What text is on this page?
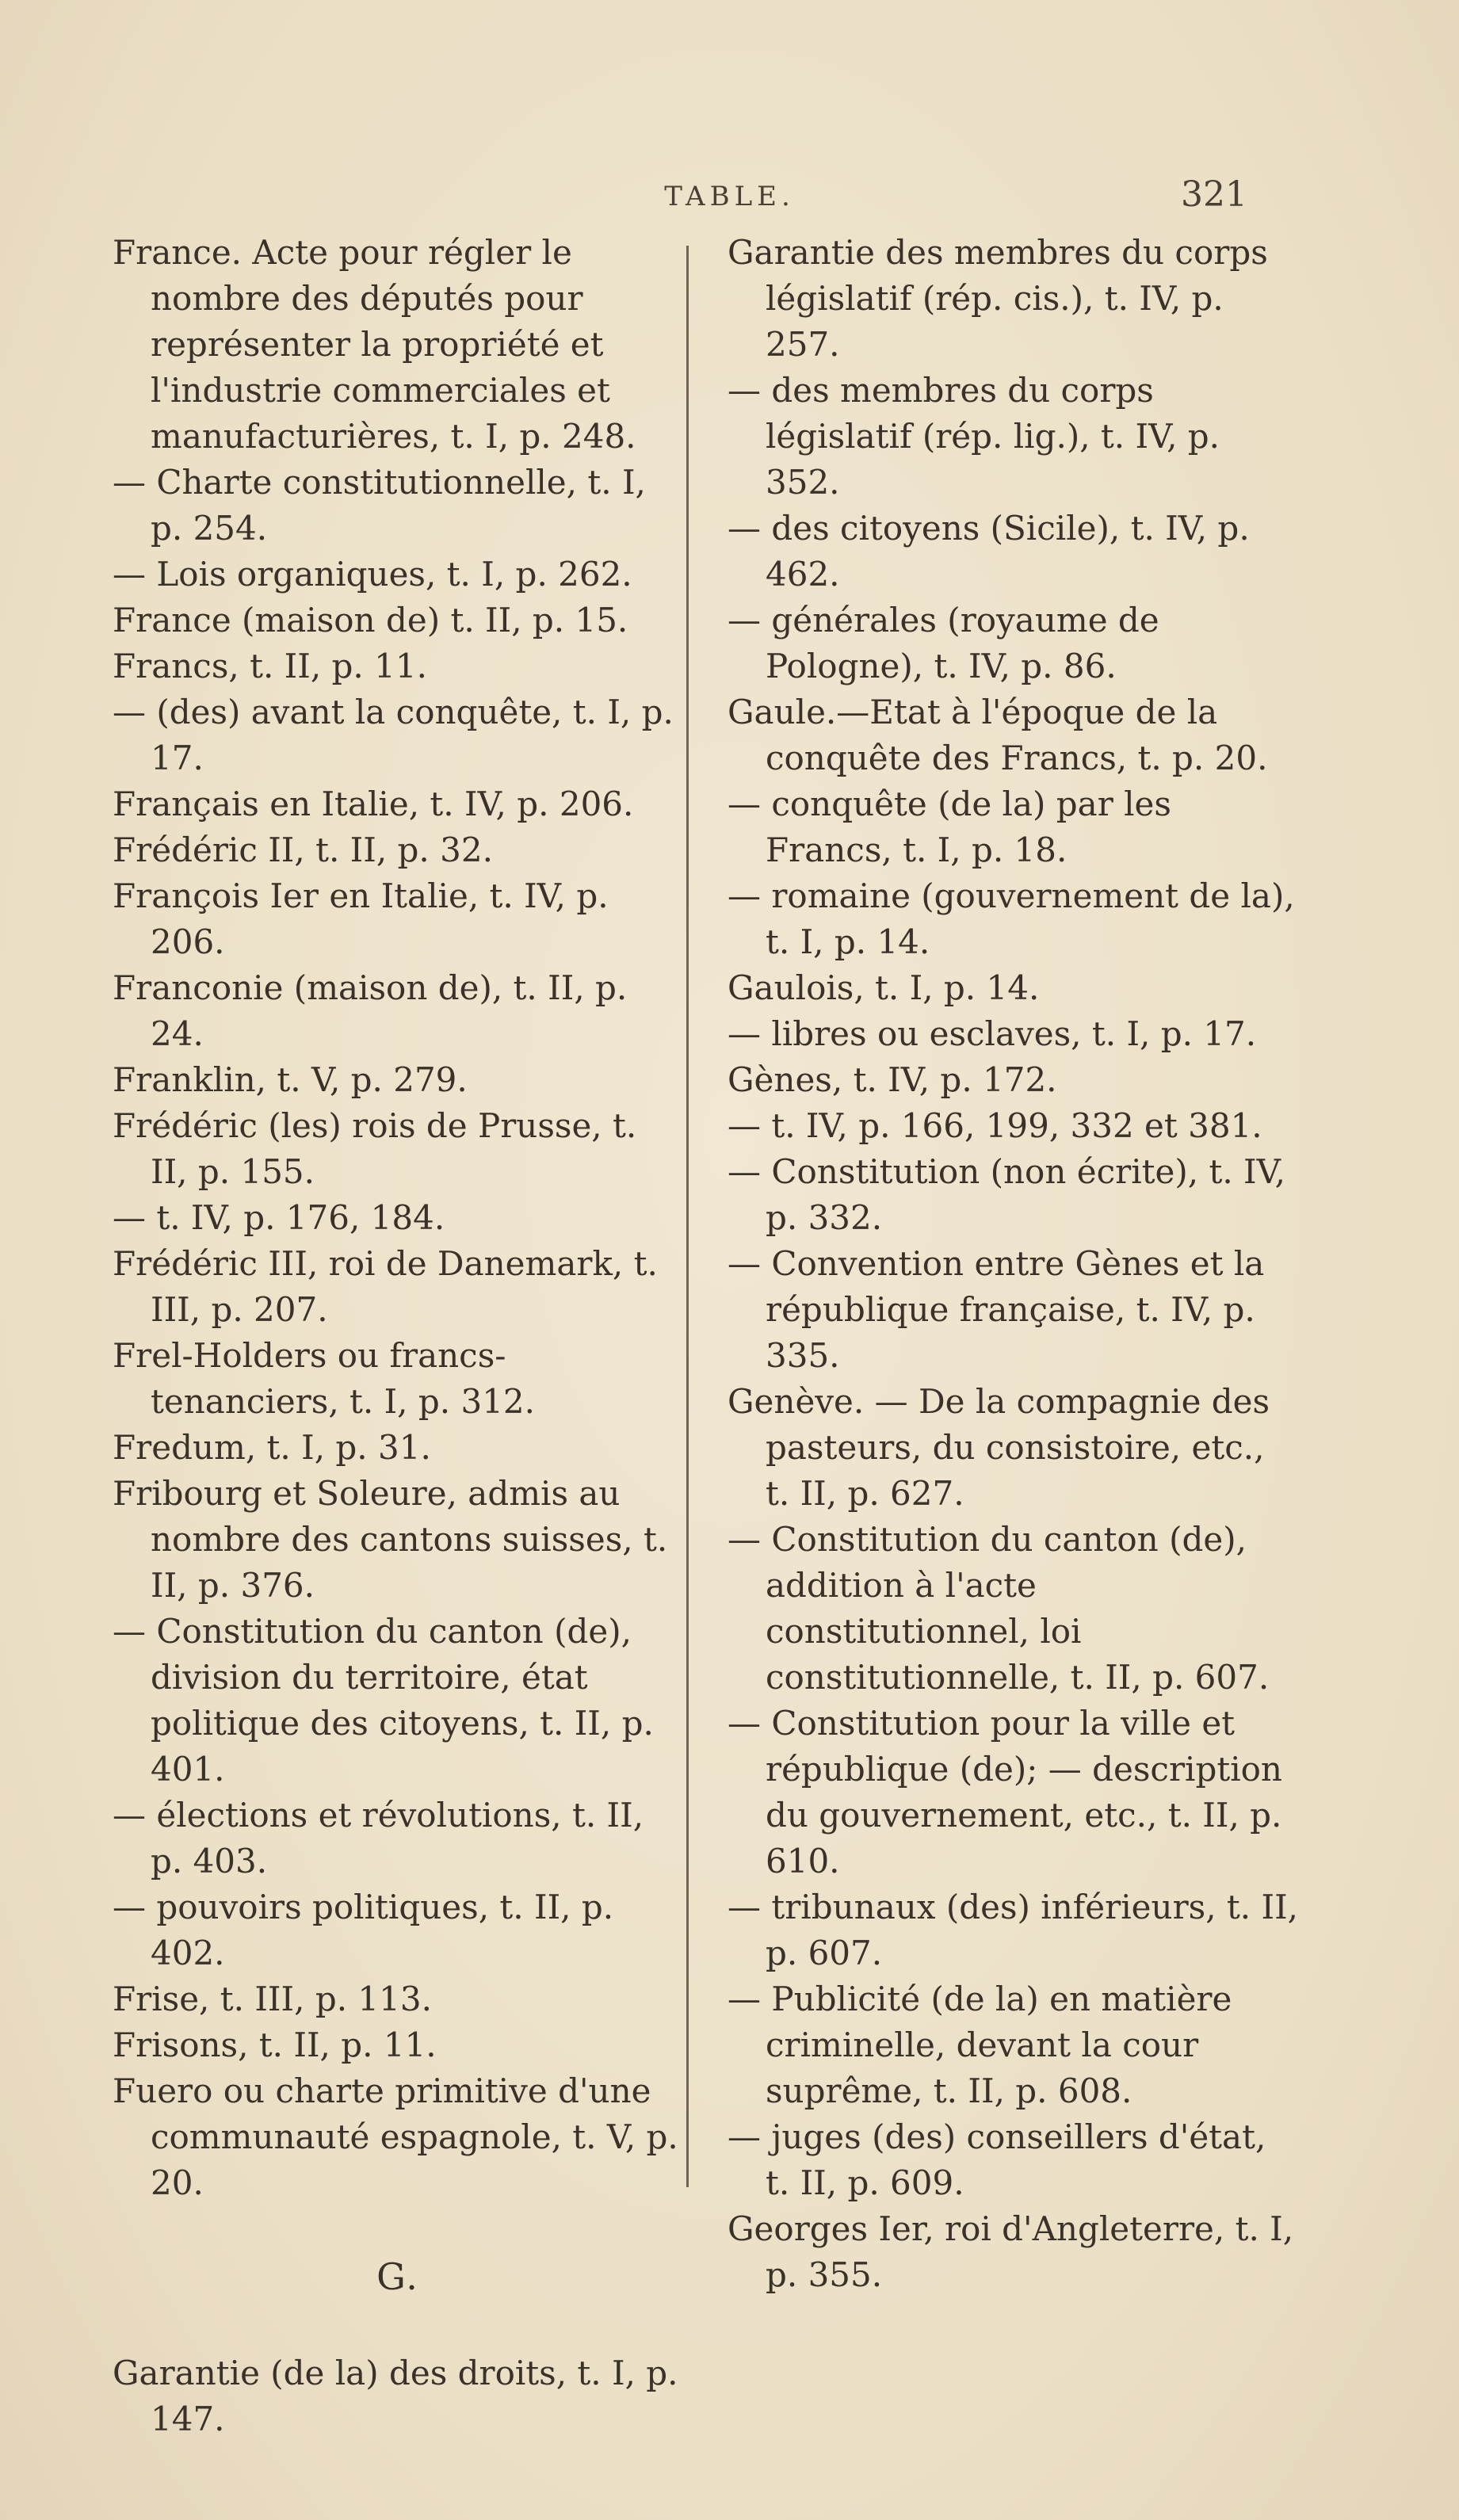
TABLE.	321

France. Acte pour régler le nombre des députés pour représenter la propriété et l'industrie commerciales et manufacturières, t. I, p. 248.

— Charte constitutionnelle, t. I, p. 254.

— Lois organiques, t. I, p. 262.

France (maison de) t. II, p. 15.

Francs, t. II, p. 11.

— (des) avant la conquête, t. I, p. 17.

Français en Italie, t. IV, p. 206.

Frédéric II, t. II, p. 32.

François Ier en Italie, t. IV, p. 206.

Franconie (maison de), t. II, p. 24.

Franklin, t. V, p. 279.

Frédéric (les) rois de Prusse, t. II, p. 155.

— t. IV, p. 176, 184.

Frédéric III, roi de Danemark, t. III, p. 207.

Frel-Holders ou francs-tenanciers, t. I, p. 312.

Fredum, t. I, p. 31.

Fribourg et Soleure, admis au nombre des cantons suisses, t. II, p. 376.

— Constitution du canton (de), division du territoire, état politique des citoyens, t. II, p. 401.

— élections et révolutions, t. II, p. 403.

— pouvoirs politiques, t. II, p. 402.

Frise, t. III, p. 113.

Frisons, t. II, p. 11.

Fuero ou charte primitive d'une communauté espagnole, t. V, p. 20.

G.

Garantie (de la) des droits, t. I, p. 147.

Garantie des membres du corps législatif (rép. cis.), t. IV, p. 257.

— des membres du corps législatif (rép. lig.), t. IV, p. 352.

— des citoyens (Sicile), t. IV, p. 462.

— générales (royaume de Pologne), t. IV, p. 86.

Gaule.—Etat à l'époque de la conquête des Francs, t. p. 20.

— conquête (de la) par les Francs, t. I, p. 18.

— romaine (gouvernement de la), t. I, p. 14.

Gaulois, t. I, p. 14.

— libres ou esclaves, t. I, p. 17.

Gènes, t. IV, p. 172.

— t. IV, p. 166, 199, 332 et 381.

— Constitution (non écrite), t. IV, p. 332.

— Convention entre Gènes et la république française, t. IV, p. 335.

Genève. — De la compagnie des pasteurs, du consistoire, etc., t. II, p. 627.

— Constitution du canton (de), addition à l'acte constitutionnel, loi constitutionnelle, t. II, p. 607.

— Constitution pour la ville et république (de); — description du gouvernement, etc., t. II, p. 610.

— tribunaux (des) inférieurs, t. II, p. 607.

— Publicité (de la) en matière criminelle, devant la cour suprême, t. II, p. 608.

— juges (des) conseillers d'état, t. II, p. 609.

Georges Ier, roi d'Angleterre, t. I, p. 355.
